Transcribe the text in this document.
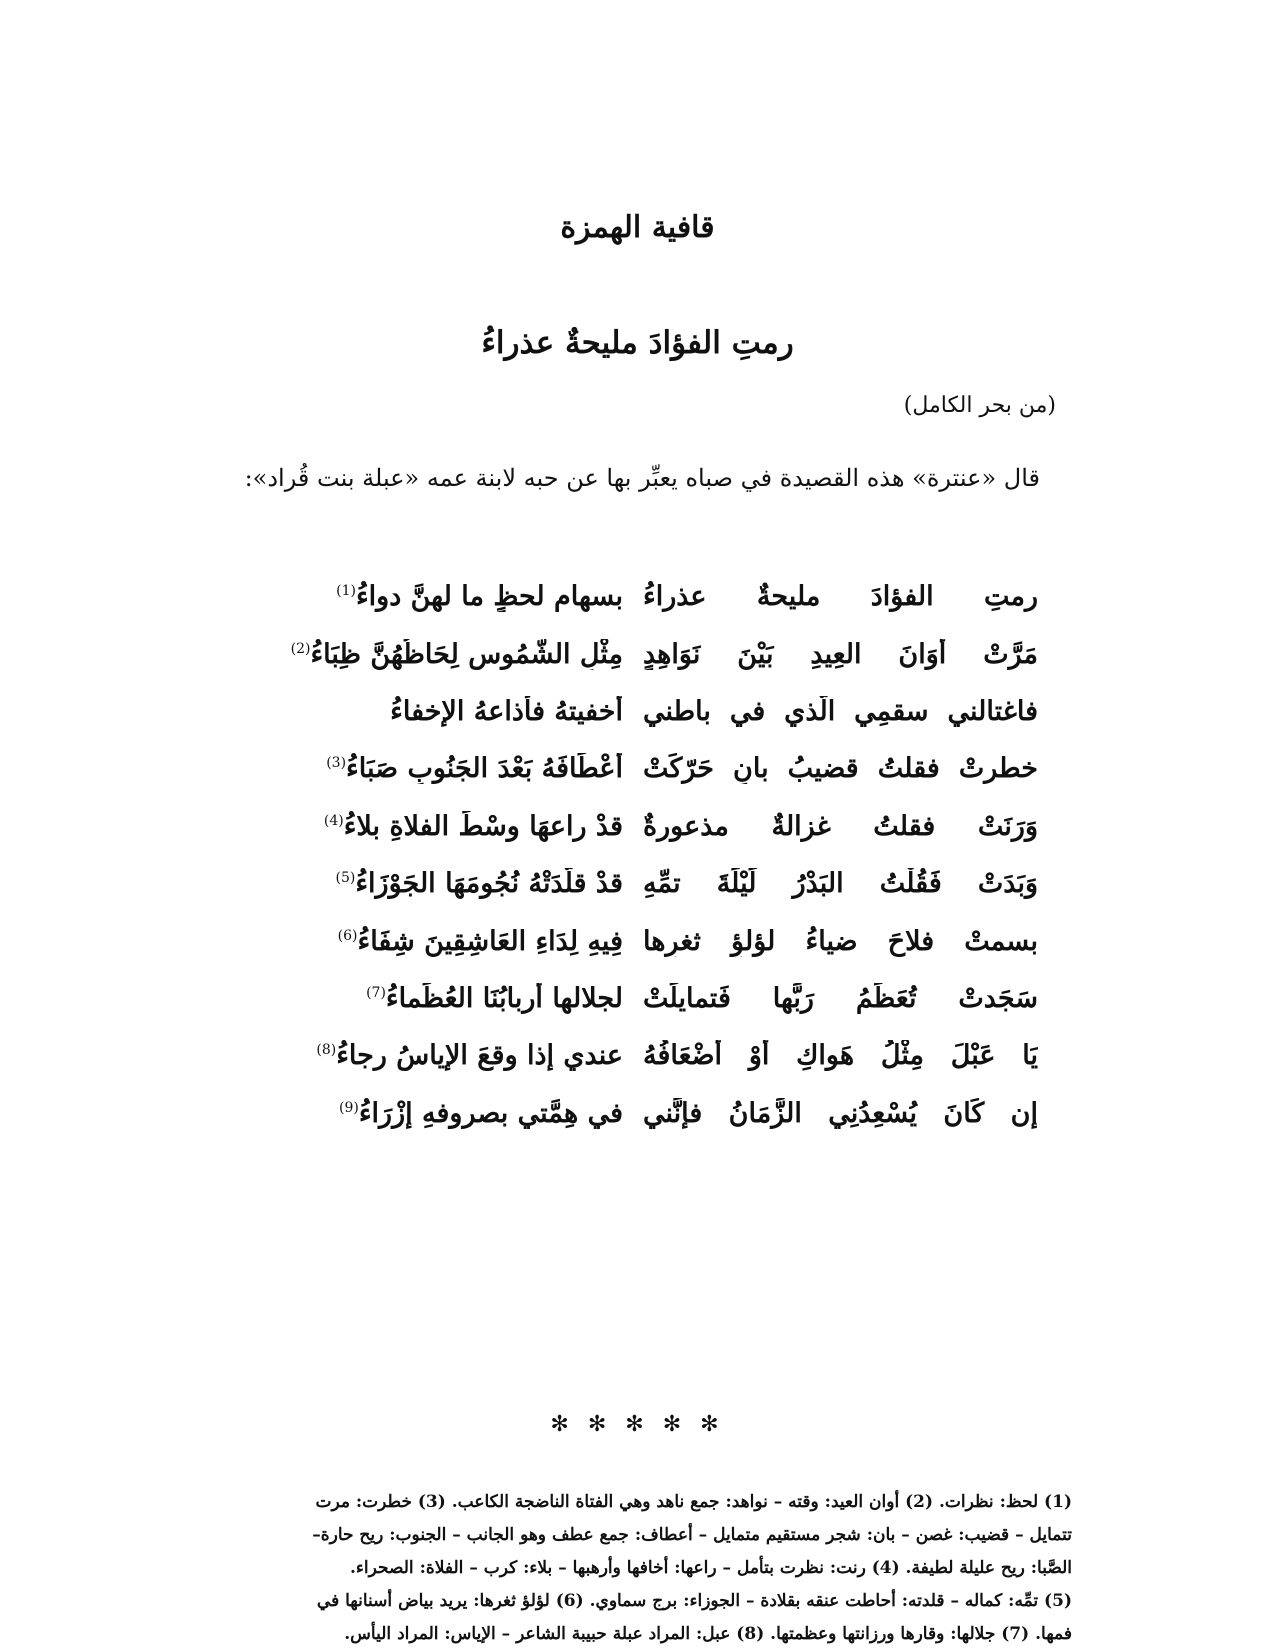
قافية الهمزة
رمتِ الفؤادَ مليحةٌ عذراءُ
(من بحر الكامل)
قال «عنترة» هذه القصيدة في صباه يعبِّر بها عن حبه لابنة عمه «عبلة بنت قُراد»:
رمتِ الفؤادَ مليحةٌ عذراءُ
بسهامِ لحظٍ ما لهنَّ دواءُ$^{(1)}$
مَرَّتْ أوَانَ العِيدِ بَيْنَ نَوَاهِدٍ
مِثْلِ الشُّمُوسِ لِحَاظُهُنَّ ظِبَاءُ$^{(2)}$
فاغتالني سقمِي الَّذي في باطني
أخفيتهُ فأذاعهُ الإخفاءُ
خطرتْ فقلتُ قضيبُ بانٍ حَرّكَتْ
أعْطَافَهُ بَعْدَ الجَنُوبِ صَبَاءُ$^{(3)}$
وَرَنَتْ فقلتُ غزالةٌ مذعورةٌ
قدْ راعهَا وسْطَ الفلاةِ بلاءُ$^{(4)}$
وَبَدَتْ فَقُلْتُ البَدْرُ لَيْلَةَ تمِّهِ
قدْ قلَّدَتْهُ نُجُومَهَا الجَوْزَاءُ$^{(5)}$
بسمتْ فلاحَ ضياءُ لؤلؤِ ثغرِها
فِيهِ لِدَاءِ العَاشِقِينَ شِفَاءُ$^{(6)}$
سَجَدتْ تُعَظِّمُ رَبَّها فَتمايلَتْ
لجلالها أربابُنَا العُظَماءُ$^{(7)}$
يَا عَبْلَ مِثْلُ هَواكِ أَوْ أَضْعَافُهُ
عندي إذا وقعَ الإياسُ رجاءُ$^{(8)}$
إن كَانَ يُسْعِدُنِي الزَّمَانُ فإنَّني
في هِمَّتي بصروفهِ إزْرَاءُ$^{(9)}$
✻ ✻ ✻ ✻ ✻
(1) لحظ: نظرات. (2) أوان العيد: وقته – نواهد: جمع ناهد وهي الفتاة الناضجة الكاعب. (3) خطرت: مرت
تتمايل – قضيب: غصن – بان: شجر مستقيم متمايل – أعطاف: جمع عطف وهو الجانب – الجنوب: ريح حارة–
الصَّبا: ريح عليلة لطيفة. (4) رنت: نظرت بتأمل – راعها: أخافها وأرهبها – بلاء: كرب – الفلاة: الصحراء.
(5) تمِّه: كماله – قلدته: أحاطت عنقه بقلادة – الجوزاء: برج سماوي. (6) لؤلؤ ثغرها: يريد بياض أسنانها في
فمها. (7) جلالها: وقارها ورزانتها وعظمتها. (8) عبل: المراد عبلة حبيبة الشاعر – الإياس: المراد اليأس.
